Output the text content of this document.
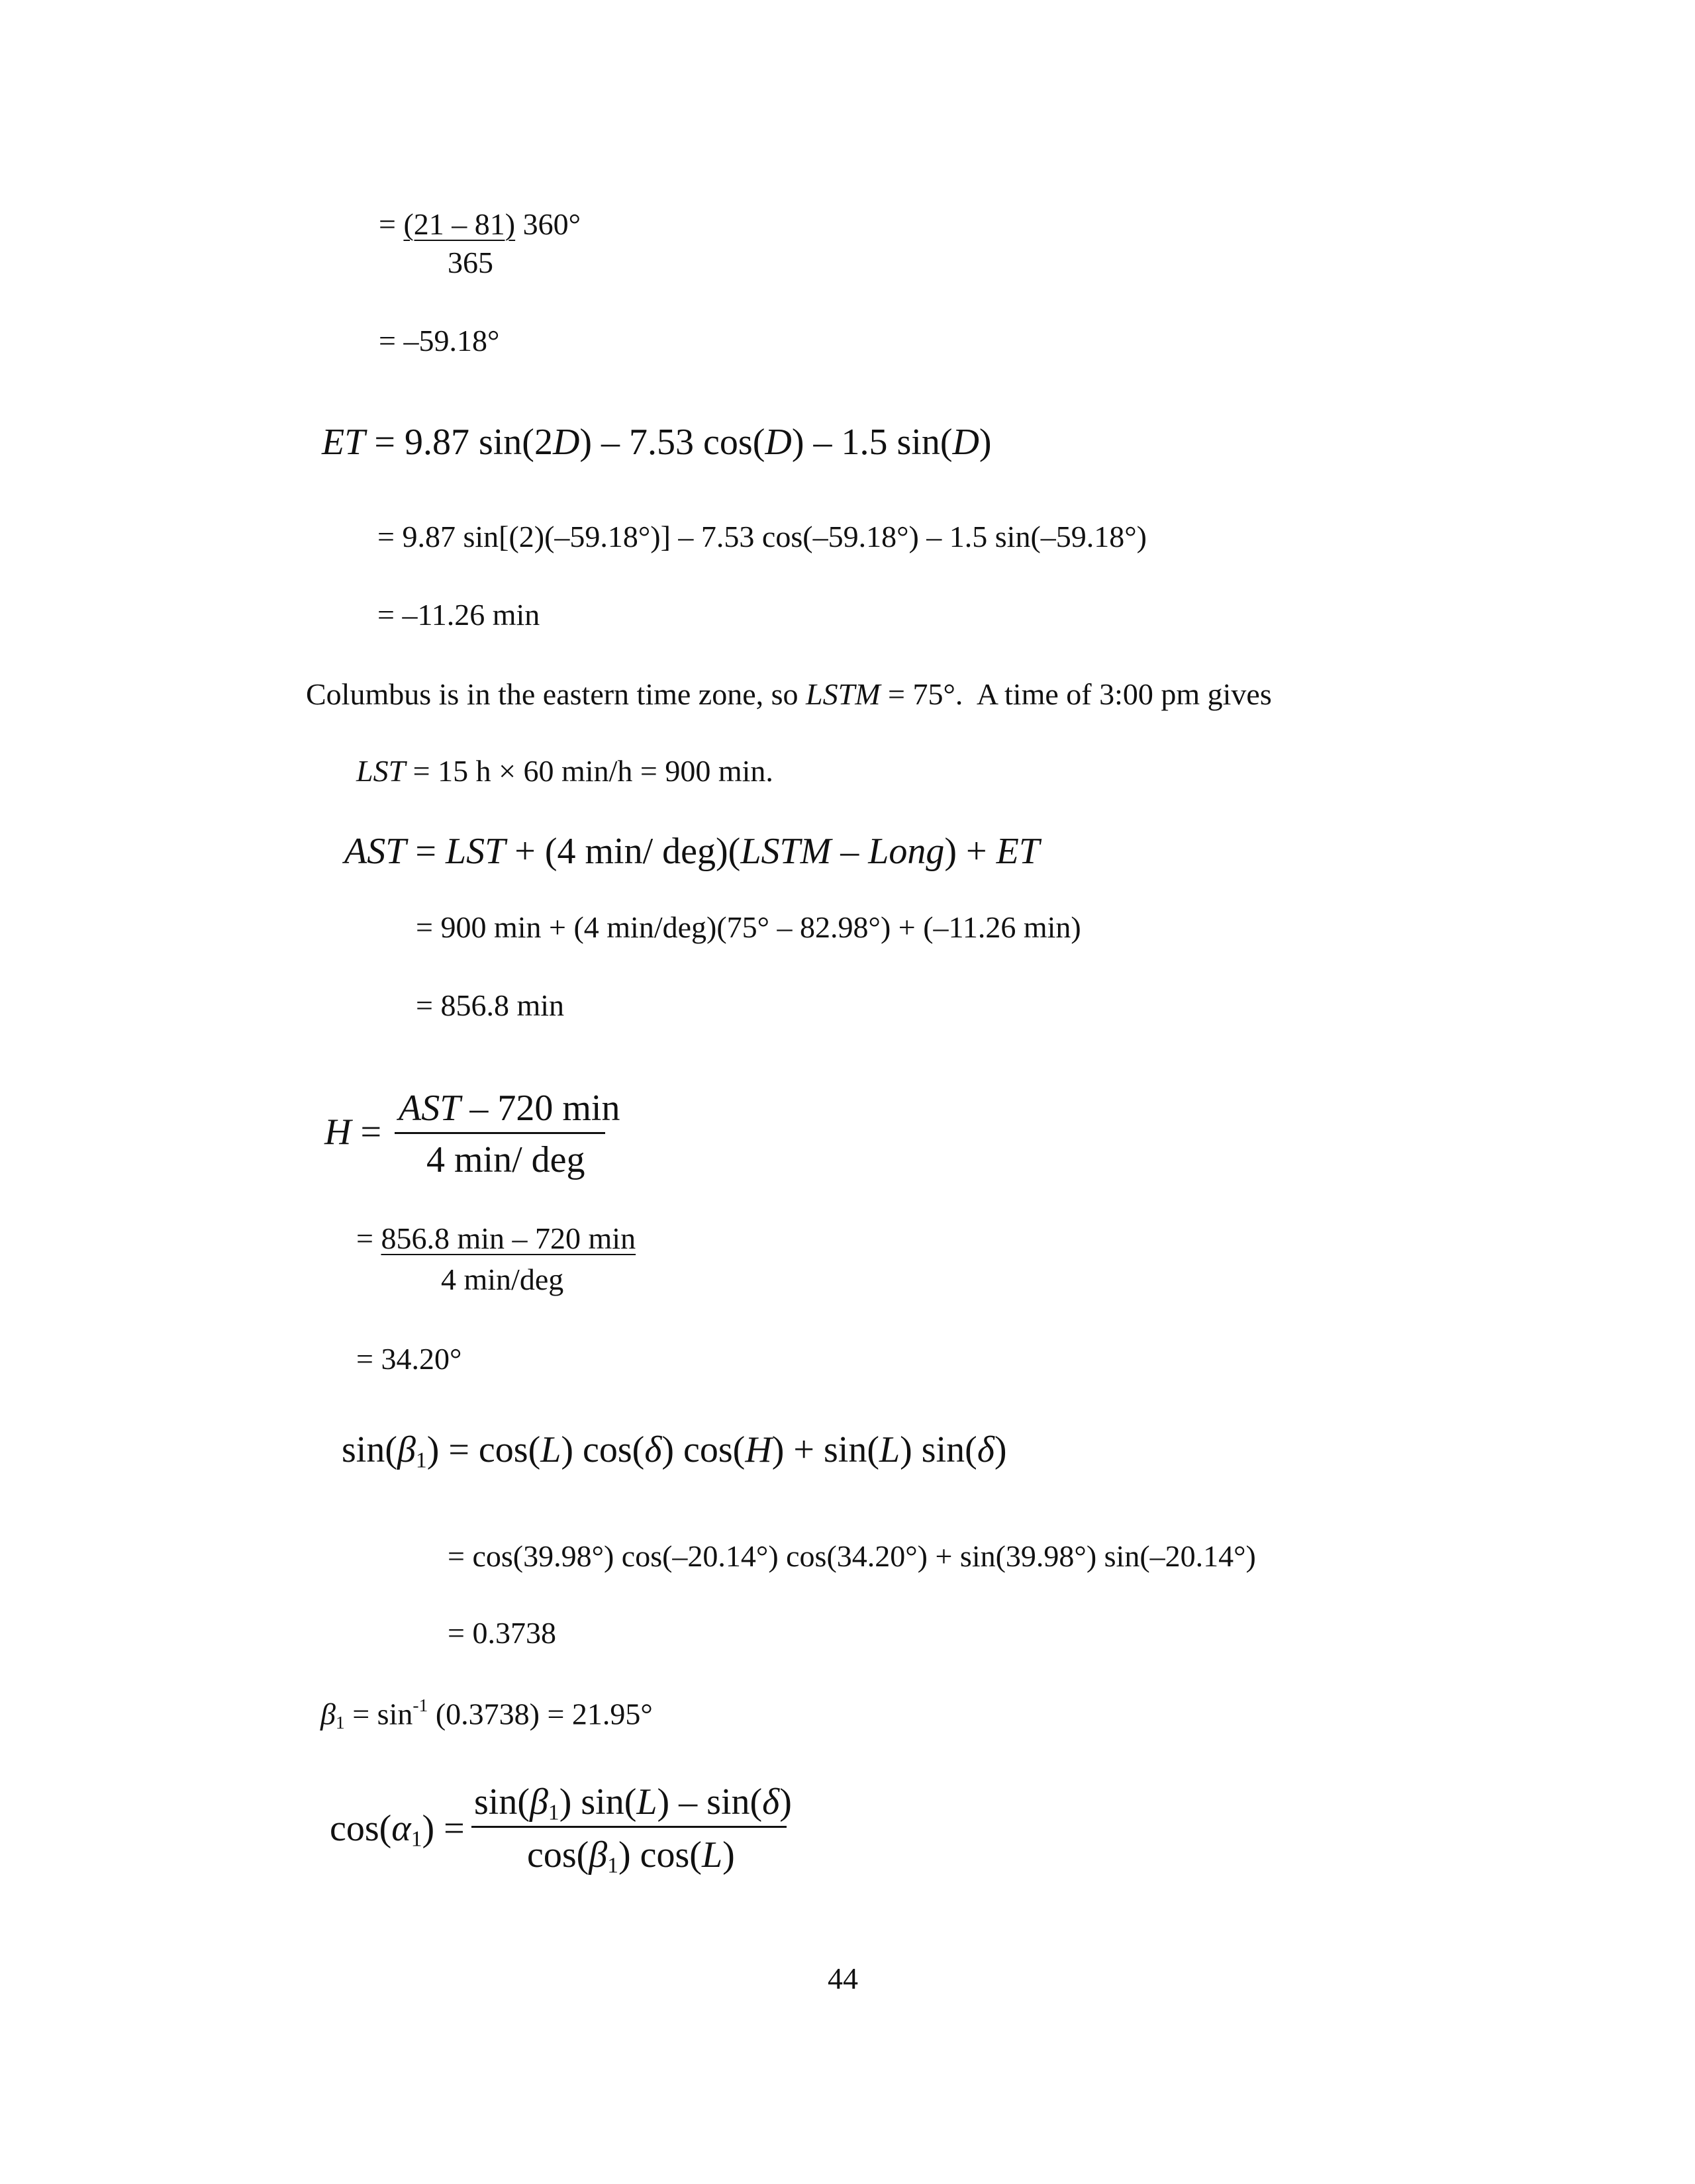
= (21 – 81) 360°
365
= –59.18°
ET = 9.87 sin(2D) – 7.53 cos(D) – 1.5 sin(D)
= 9.87 sin[(2)(–59.18°)] – 7.53 cos(–59.18°) – 1.5 sin(–59.18°)
= –11.26 min
Columbus is in the eastern time zone, so LSTM = 75°.  A time of 3:00 pm gives
LST = 15 h × 60 min/h = 900 min.
AST = LST + (4 min/ deg)(LSTM – Long) + ET
= 900 min + (4 min/deg)(75° – 82.98°) + (–11.26 min)
= 856.8 min
H =
AST – 720 min
4 min/ deg
= 856.8 min – 720 min
4 min/deg
= 34.20°
$\sin(\beta_1) = \cos(L)$ cos(δ) cos(H) + sin(L) sin(δ)
= cos(39.98°) cos(–20.14°) cos(34.20°) + sin(39.98°) sin(–20.14°)
= 0.3738
$\beta_1 = \sin^{-1} (0.3738) = 21.95^\circ$
$\cos(\alpha_1)$ =
$\sin(\beta_1)$ sin(L) – sin(δ)
$\cos(\beta_1)$ cos(L)
44
